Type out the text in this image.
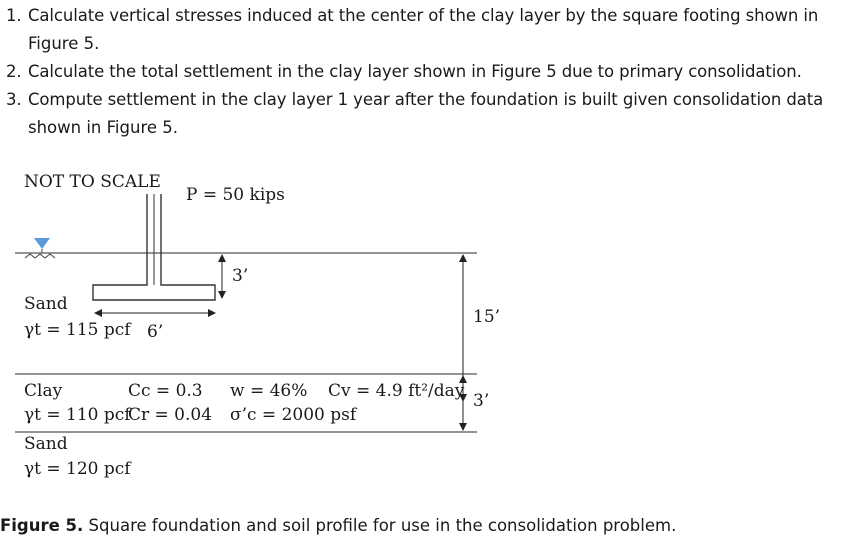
1. Calculate vertical stresses induced at the center of the clay layer by the square footing shown in
Figure 5.
2. Calculate the total settlement in the clay layer shown in Figure 5 due to primary consolidation.
3. Compute settlement in the clay layer 1 year after the foundation is built given consolidation data
shown in Figure 5.
NOT TO SCALE
P = 50 kips
3’
6’
15’
3’
Sand
γt = 115 pcf
Clay	Cc = 0.3 w = 46% Cv = 4.9 ft²/day
γt = 110 pcf
Cr = 0.04 σ’c = 2000 psf
Sand
γt = 120 pcf
Figure 5. Square foundation and soil profile for use in the consolidation problem.
